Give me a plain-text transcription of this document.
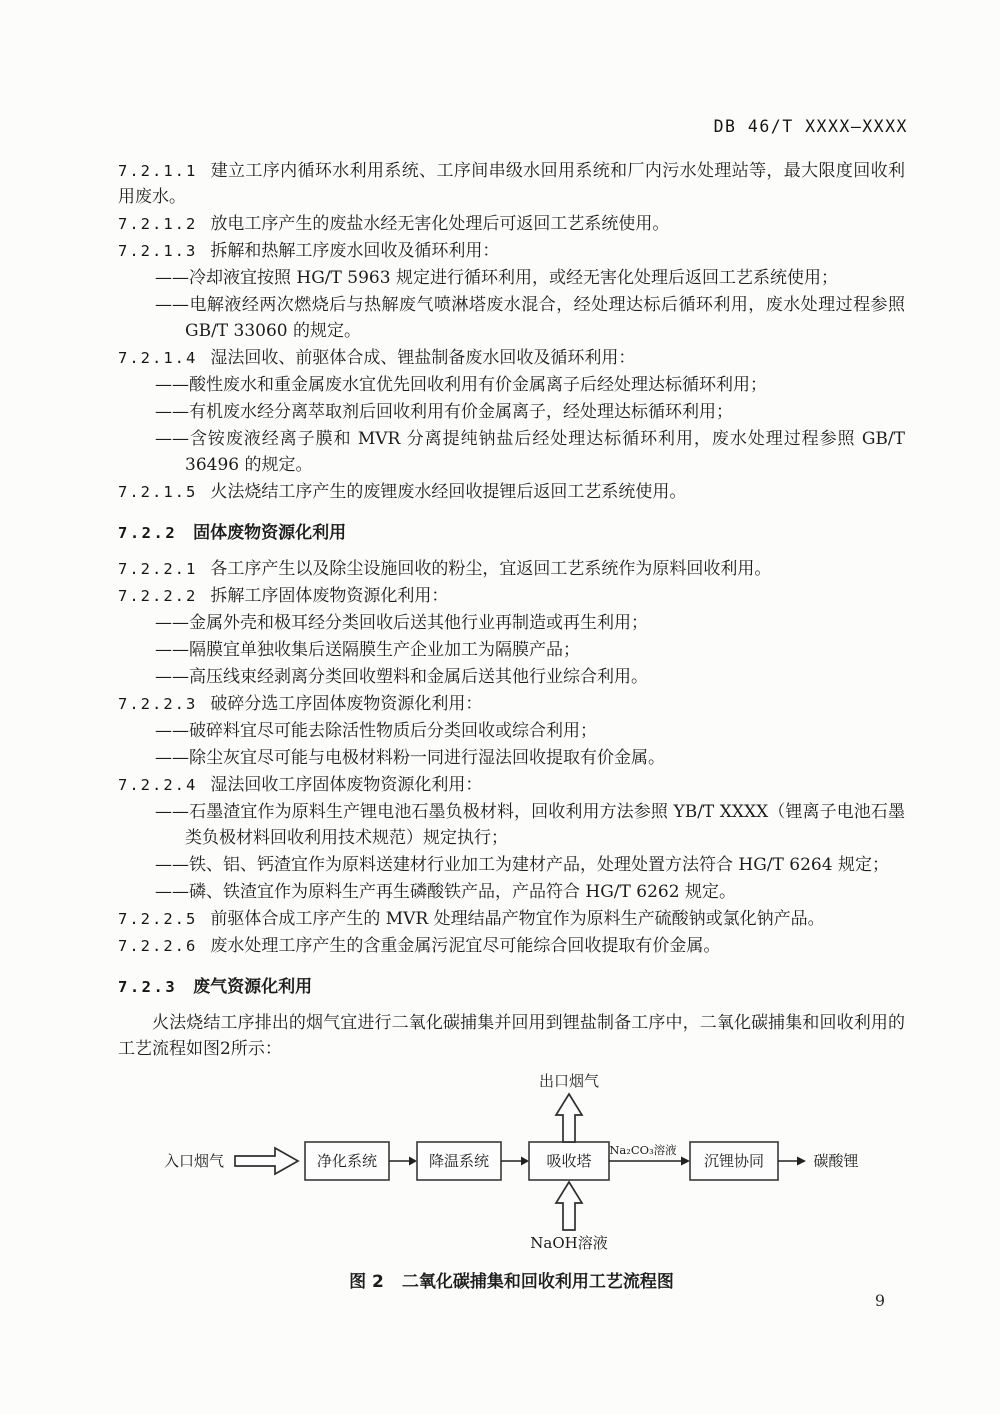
DB 46/T XXXX—XXXX

7.2.1.1 建立工序内循环水利用系统、工序间串级水回用系统和厂内污水处理站等，最大限度回收利用废水。

7.2.1.2 放电工序产生的废盐水经无害化处理后可返回工艺系统使用。

7.2.1.3 拆解和热解工序废水回收及循环利用：

——冷却液宜按照 HG/T 5963 规定进行循环利用，或经无害化处理后返回工艺系统使用；

——电解液经两次燃烧后与热解废气喷淋塔废水混合，经处理达标后循环利用，废水处理过程参照 GB/T 33060 的规定。

7.2.1.4 湿法回收、前驱体合成、锂盐制备废水回收及循环利用：

——酸性废水和重金属废水宜优先回收利用有价金属离子后经处理达标循环利用；

——有机废水经分离萃取剂后回收利用有价金属离子，经处理达标循环利用；

——含铵废液经离子膜和 MVR 分离提纯钠盐后经处理达标循环利用，废水处理过程参照 GB/T 36496 的规定。

7.2.1.5 火法烧结工序产生的废锂废水经回收提锂后返回工艺系统使用。

7.2.2 固体废物资源化利用

7.2.2.1 各工序产生以及除尘设施回收的粉尘，宜返回工艺系统作为原料回收利用。

7.2.2.2 拆解工序固体废物资源化利用：

——金属外壳和极耳经分类回收后送其他行业再制造或再生利用；

——隔膜宜单独收集后送隔膜生产企业加工为隔膜产品；

——高压线束经剥离分类回收塑料和金属后送其他行业综合利用。

7.2.2.3 破碎分选工序固体废物资源化利用：

——破碎料宜尽可能去除活性物质后分类回收或综合利用；

——除尘灰宜尽可能与电极材料粉一同进行湿法回收提取有价金属。

7.2.2.4 湿法回收工序固体废物资源化利用：

——石墨渣宜作为原料生产锂电池石墨负极材料，回收利用方法参照 YB/T XXXX（锂离子电池石墨类负极材料回收利用技术规范）规定执行；

——铁、铝、钙渣宜作为原料送建材行业加工为建材产品，处理处置方法符合 HG/T 6264 规定；

——磷、铁渣宜作为原料生产再生磷酸铁产品，产品符合 HG/T 6262 规定。

7.2.2.5 前驱体合成工序产生的 MVR 处理结晶产物宜作为原料生产硫酸钠或氯化钠产品。

7.2.2.6 废水处理工序产生的含重金属污泥宜尽可能综合回收提取有价金属。

7.2.3 废气资源化利用

火法烧结工序排出的烟气宜进行二氧化碳捕集并回用到锂盐制备工序中，二氧化碳捕集和回收利用的工艺流程如图2所示：

入口烟气	净化系统	降温系统	吸收塔
Na₂CO₃溶液
沉锂协同	碳酸锂
出口烟气
NaOH溶液
图 2 二氧化碳捕集和回收利用工艺流程图
9
